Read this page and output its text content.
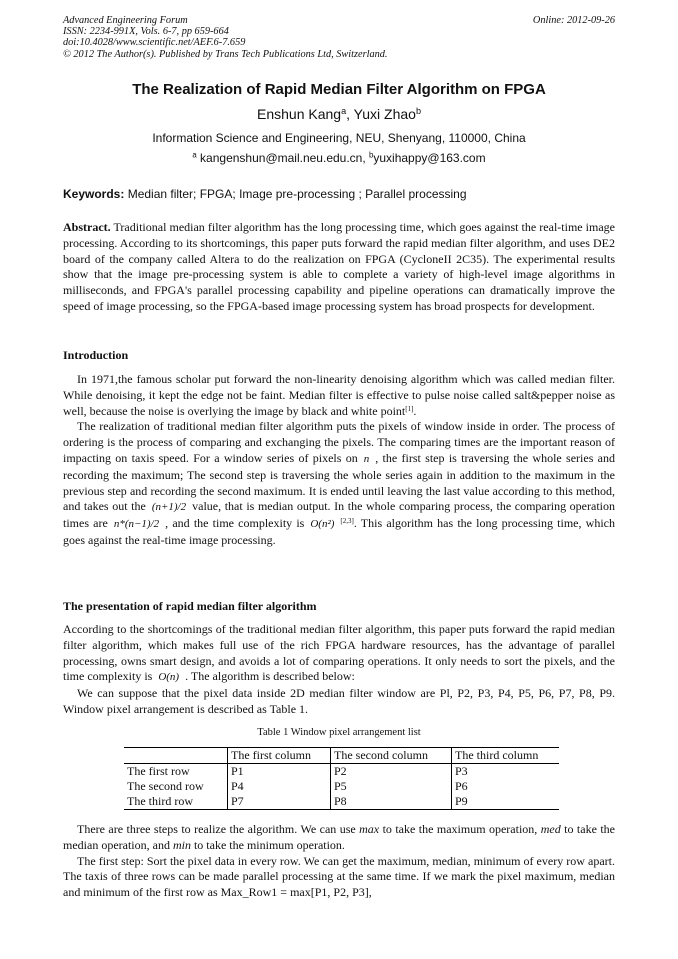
Advanced Engineering Forum
ISSN: 2234-991X, Vols. 6-7, pp 659-664
doi:10.4028/www.scientific.net/AEF.6-7.659
© 2012 The Author(s). Published by Trans Tech Publications Ltd, Switzerland.
Online: 2012-09-26
The Realization of Rapid Median Filter Algorithm on FPGA
Enshun Kang$^a$, Yuxi Zhao$^b$
Information Science and Engineering, NEU, Shenyang, 110000, China
$^a$ kangenshun@mail.neu.edu.cn, $^b$yuxihappy@163.com
Keywords: Median filter; FPGA; Image pre-processing ; Parallel processing

Abstract. Traditional median filter algorithm has the long processing time, which goes against the real-time image processing. According to its shortcomings, this paper puts forward the rapid median filter algorithm, and uses DE2 board of the company called Altera to do the realization on FPGA (CycloneII 2C35). The experimental results show that the image pre-processing system is able to complete a variety of high-level image algorithms in milliseconds, and FPGA's parallel processing capability and pipeline operations can dramatically improve the speed of image processing, so the FPGA-based image processing system has broad prospects for development.

Introduction

In 1971,the famous scholar put forward the non-linearity denoising algorithm which was called median filter. While denoising, it kept the edge not be faint. Median filter is effective to pulse noise called salt&pepper noise as well, because the noise is overlying the image by black and white point[1].

The realization of traditional median filter algorithm puts the pixels of window inside in order. The process of ordering is the process of comparing and exchanging the pixels. The comparing times are the important reason of impacting on taxis speed. For a window series of pixels on n , the first step is traversing the whole series and recording the maximum; The second step is traversing the whole series again in addition to the maximum in the previous step and recording the second maximum. It is ended until leaving the last value according to this method, and takes out the (n+1)/2 value, that is median output. In the whole comparing process, the comparing operation times are n*(n−1)/2 , and the time complexity is O(n²) [2,3]. This algorithm has the long processing time, which goes against the real-time image processing.

The presentation of rapid median filter algorithm

According to the shortcomings of the traditional median filter algorithm, this paper puts forward the rapid median filter algorithm, which makes full use of the rich FPGA hardware resources, has the advantage of parallel processing, owns smart design, and avoids a lot of comparing operations. It only needs to sort the pixels, and the time complexity is O(n) . The algorithm is described below:

We can suppose that the pixel data inside 2D median filter window are Pl, P2, P3, P4, P5, P6, P7, P8, P9. Window pixel arrangement is described as Table 1.

Table 1 Window pixel arrangement list
	The first column	The second column	The third column
The first row	P1	P2	P3
The second row	P4	P5	P6
The third row	P7	P8	P9

There are three steps to realize the algorithm. We can use max to take the maximum operation, med to take the median operation, and min to take the minimum operation.

The first step: Sort the pixel data in every row. We can get the maximum, median, minimum of every row apart. The taxis of three rows can be made parallel processing at the same time. If we mark the pixel maximum, median and minimum of the first row as Max_Row1 = max[P1, P2, P3],
